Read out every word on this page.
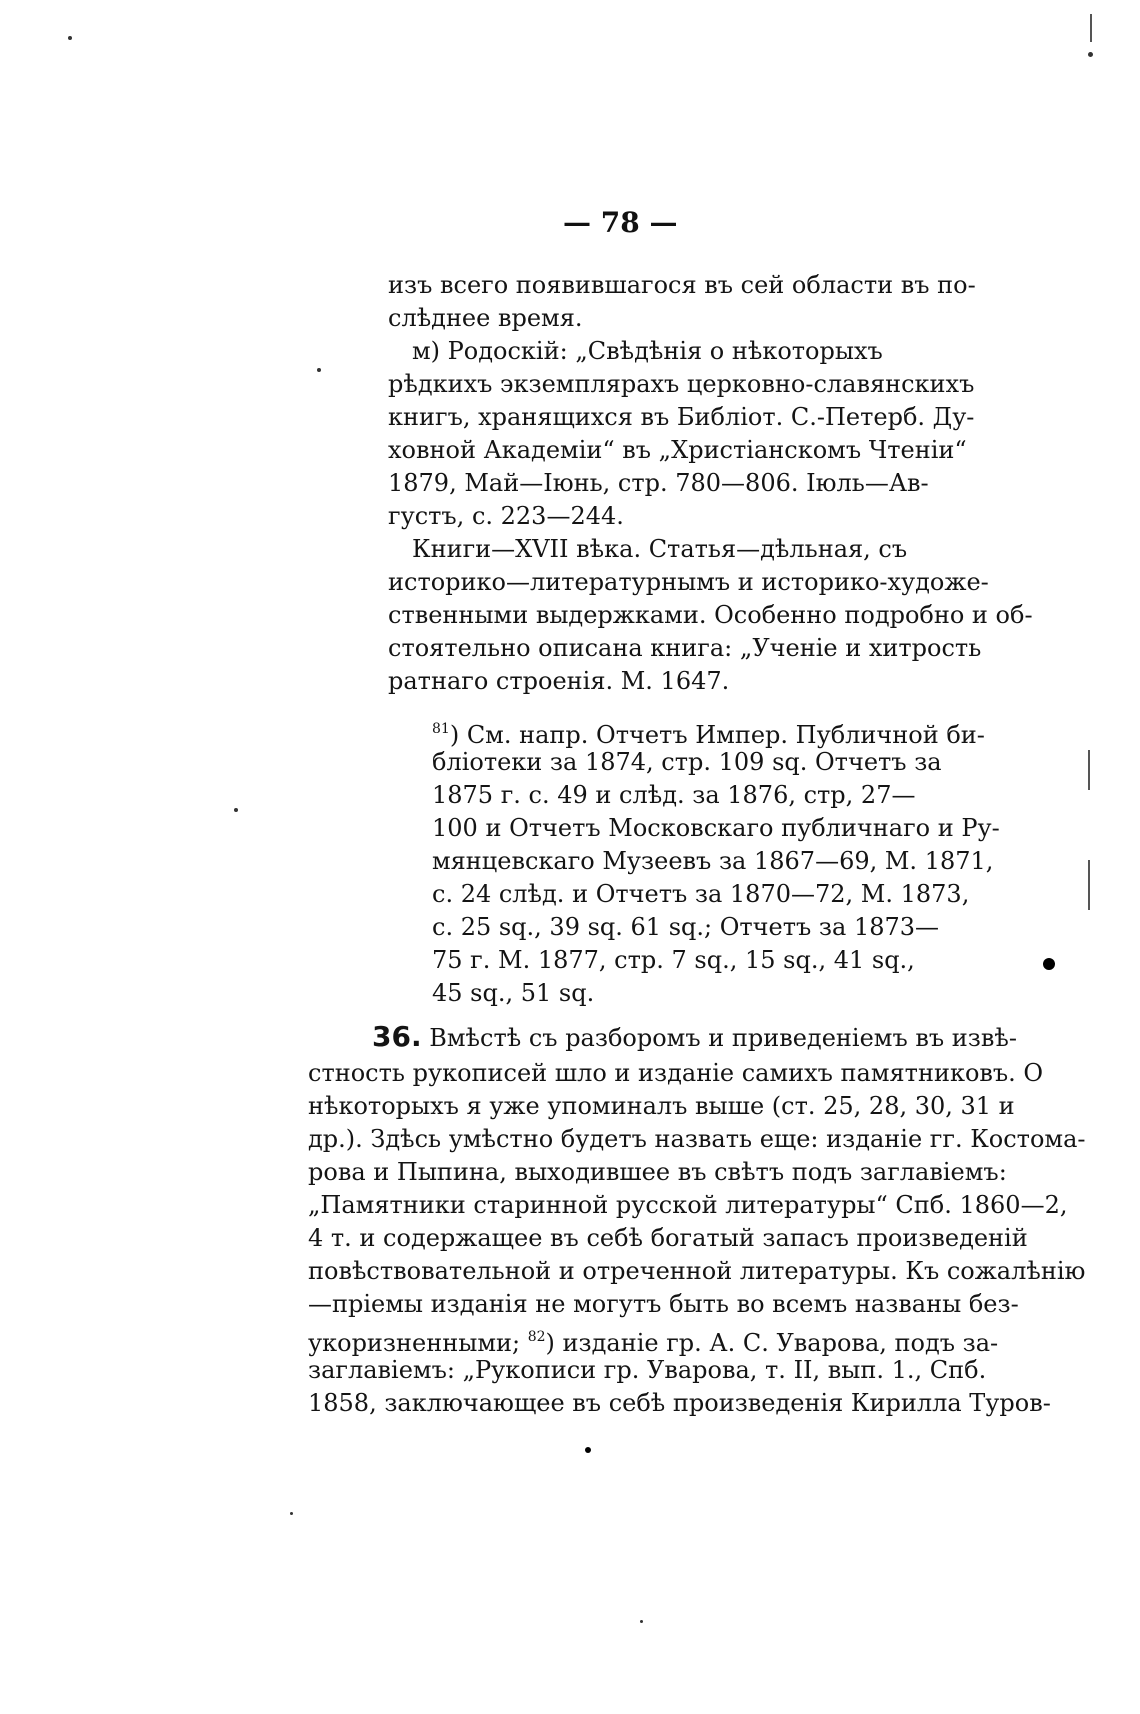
— 78 —
изъ всего появившагося въ сей области въ по-
слѣднее время.
м) Родоскій: „Свѣдѣнія о нѣкоторыхъ
рѣдкихъ экземплярахъ церковно-славянскихъ
книгъ, хранящихся въ Библіот. С.-Петерб. Ду-
ховной Академіи“ въ „Христіанскомъ Чтеніи“
1879, Май—Іюнь, стр. 780—806. Іюль—Ав-
густъ, с. 223—244.
Книги—XVII вѣка. Статья—дѣльная, съ
историко—литературнымъ и историко-художе-
ственными выдержками. Особенно подробно и об-
стоятельно описана книга: „Ученіе и хитрость
ратнаго строенія. М. 1647.
$^{81}$) См. напр. Отчетъ Импер. Публичной би-
бліотеки за 1874, стр. 109 sq. Отчетъ за
1875 г. с. 49 и слѣд. за 1876, стр, 27—
100 и Отчетъ Московскаго публичнаго и Ру-
мянцевскаго Музеевъ за 1867—69, М. 1871,
с. 24 слѣд. и Отчетъ за 1870—72, М. 1873,
с. 25 sq., 39 sq. 61 sq.; Отчетъ за 1873—
75 г. М. 1877, стр. 7 sq., 15 sq., 41 sq.,
45 sq., 51 sq.
36. Вмѣстѣ съ разборомъ и приведеніемъ въ извѣ-
стность рукописей шло и изданіе самихъ памятниковъ. О
нѣкоторыхъ я уже упоминалъ выше (ст. 25, 28, 30, 31 и
др.). Здѣсь умѣстно будетъ назвать еще: изданіе гг. Костома-
рова и Пыпина, выходившее въ свѣтъ подъ заглавіемъ:
„Памятники старинной русской литературы“ Спб. 1860—2,
4 т. и содержащее въ себѣ богатый запасъ произведеній
повѣствовательной и отреченной литературы. Къ сожалѣнію
—пріемы изданія не могутъ быть во всемъ названы без-
укоризненными; $^{82}$) изданіе гр. А. С. Уварова, подъ за-
заглавіемъ: „Рукописи гр. Уварова, т. II, вып. 1., Спб.
1858, заключающее въ себѣ произведенія Кирилла Туров-
